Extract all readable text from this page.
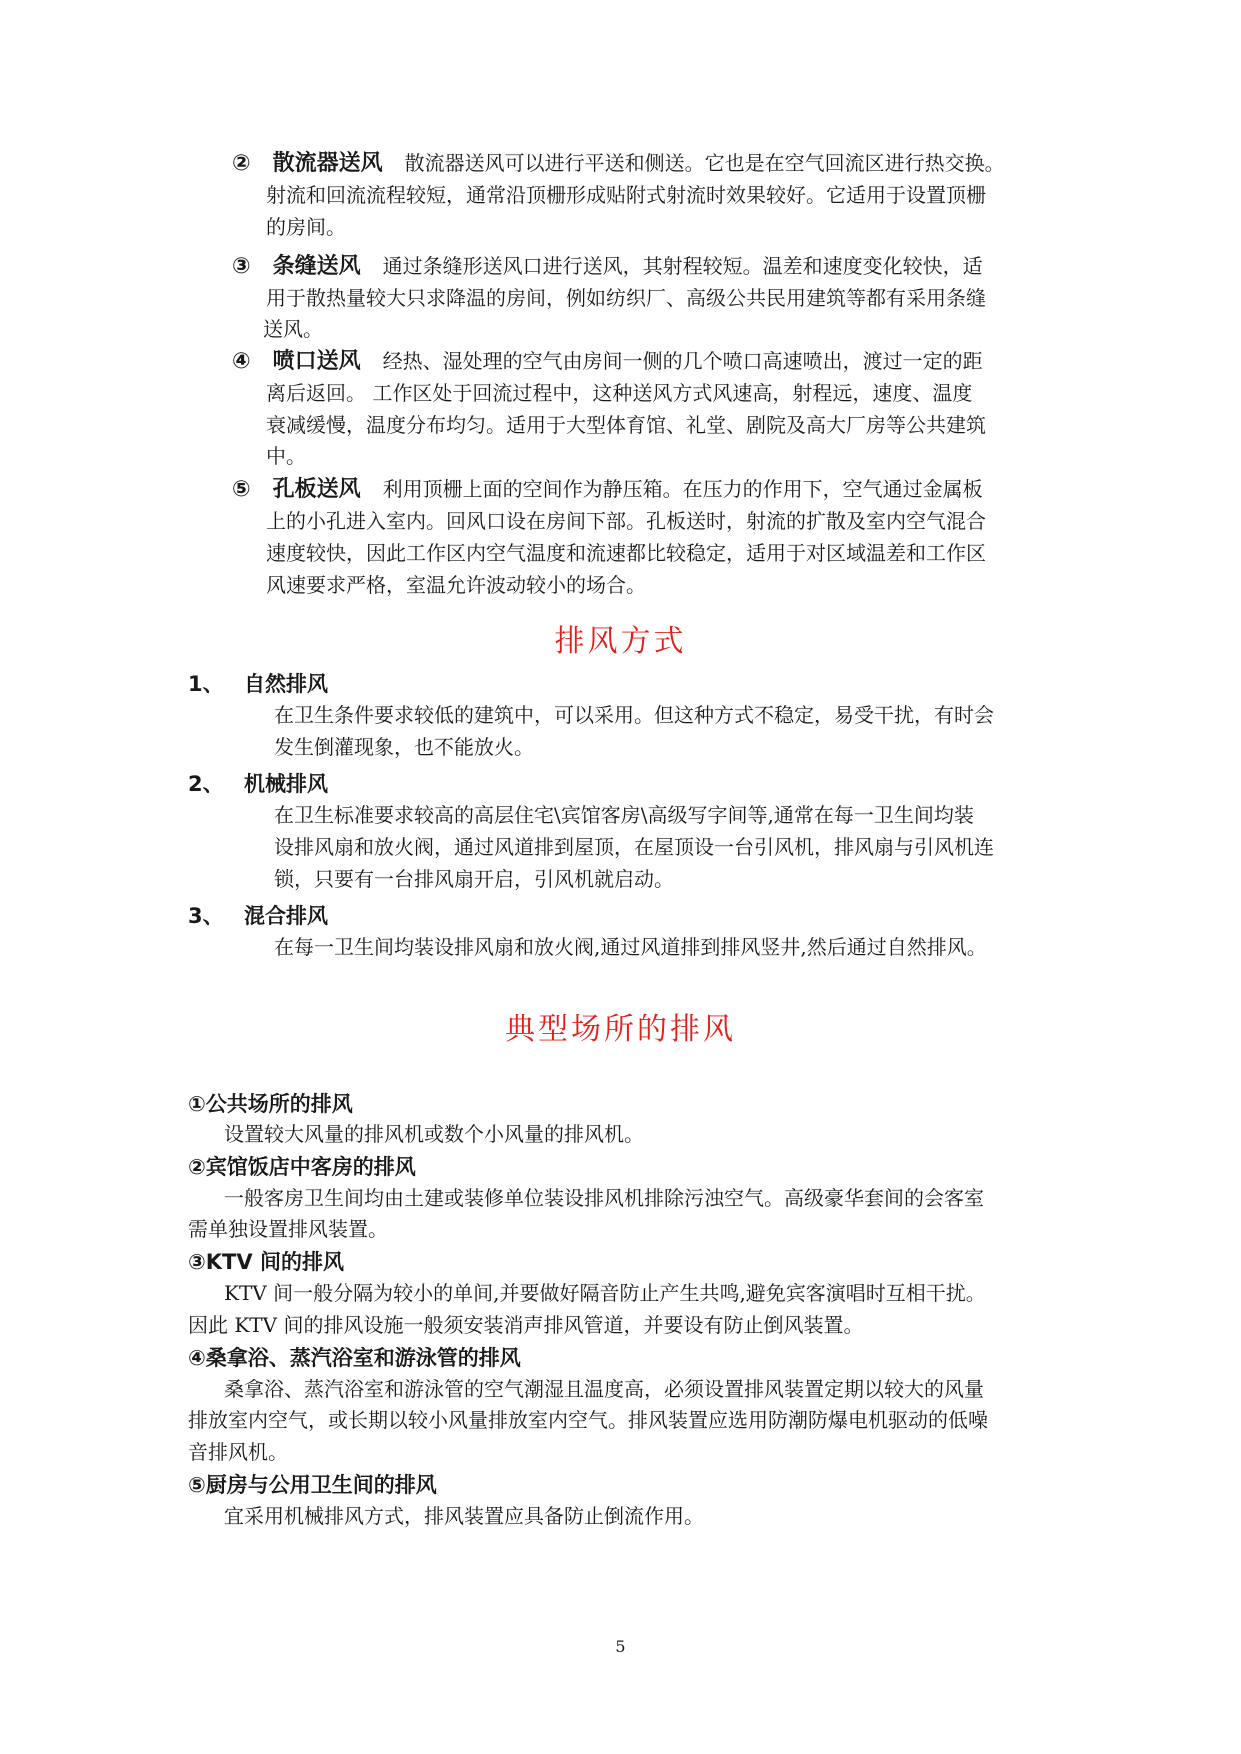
② 散流器送风 散流器送风可以进行平送和侧送。它也是在空气回流区进行热交换。
射流和回流流程较短，通常沿顶栅形成贴附式射流时效果较好。它适用于设置顶栅
的房间。
③ 条缝送风 通过条缝形送风口进行送风，其射程较短。温差和速度变化较快，适
用于散热量较大只求降温的房间，例如纺织厂、高级公共民用建筑等都有采用条缝
送风。
④ 喷口送风 经热、湿处理的空气由房间一侧的几个喷口高速喷出，渡过一定的距
离后返回。 工作区处于回流过程中，这种送风方式风速高，射程远，速度、温度
衰减缓慢，温度分布均匀。适用于大型体育馆、礼堂、剧院及高大厂房等公共建筑
中。
⑤ 孔板送风 利用顶栅上面的空间作为静压箱。在压力的作用下，空气通过金属板
上的小孔进入室内。回风口设在房间下部。孔板送时，射流的扩散及室内空气混合
速度较快，因此工作区内空气温度和流速都比较稳定，适用于对区域温差和工作区
风速要求严格，室温允许波动较小的场合。
排风方式
1、 自然排风
在卫生条件要求较低的建筑中，可以采用。但这种方式不稳定，易受干扰，有时会
发生倒灌现象，也不能放火。
2、 机械排风
在卫生标准要求较高的高层住宅\宾馆客房\高级写字间等,通常在每一卫生间均装
设排风扇和放火阀，通过风道排到屋顶，在屋顶设一台引风机，排风扇与引风机连
锁，只要有一台排风扇开启，引风机就启动。
3、 混合排风
在每一卫生间均装设排风扇和放火阀,通过风道排到排风竖井,然后通过自然排风。
典型场所的排风
①公共场所的排风
设置较大风量的排风机或数个小风量的排风机。
②宾馆饭店中客房的排风
一般客房卫生间均由土建或装修单位装设排风机排除污浊空气。高级豪华套间的会客室
需单独设置排风装置。
③KTV 间的排风
KTV 间一般分隔为较小的单间,并要做好隔音防止产生共鸣,避免宾客演唱时互相干扰。
因此 KTV 间的排风设施一般须安装消声排风管道，并要设有防止倒风装置。
④桑拿浴、蒸汽浴室和游泳管的排风
桑拿浴、蒸汽浴室和游泳管的空气潮湿且温度高，必须设置排风装置定期以较大的风量
排放室内空气，或长期以较小风量排放室内空气。排风装置应选用防潮防爆电机驱动的低噪
音排风机。
⑤厨房与公用卫生间的排风
宜采用机械排风方式，排风装置应具备防止倒流作用。
5
